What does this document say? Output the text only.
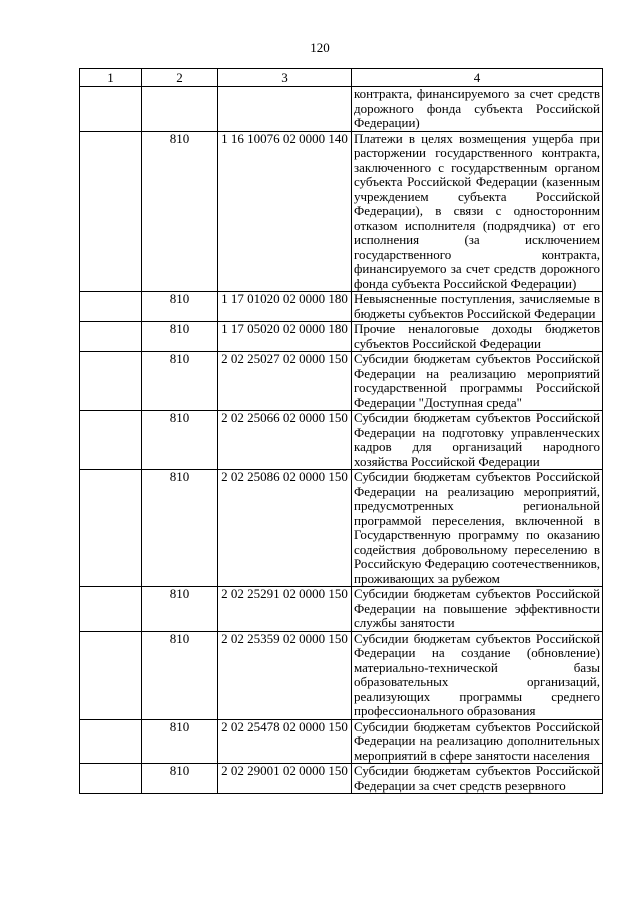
120
1	2	3	4
			контракта, финансируемого за счет средств дорожного фонда субъекта Российской Федерации)
	810	1 16 10076 02 0000 140	Платежи в целях возмещения ущерба при расторжении государственного контракта, заключенного с государственным органом субъекта Российской Федерации (казенным учреждением субъекта Российской Федерации), в связи с односторонним отказом исполнителя (подрядчика) от его исполнения (за исключением государственного контракта, финансируемого за счет средств дорожного фонда субъекта Российской Федерации)
	810	1 17 01020 02 0000 180	Невыясненные поступления, зачисляемые в бюджеты субъектов Российской Федерации
	810	1 17 05020 02 0000 180	Прочие неналоговые доходы бюджетов субъектов Российской Федерации
	810	2 02 25027 02 0000 150	Субсидии бюджетам субъектов Российской Федерации на реализацию мероприятий государственной программы Российской Федерации "Доступная среда"
	810	2 02 25066 02 0000 150	Субсидии бюджетам субъектов Российской Федерации на подготовку управленческих кадров для организаций народного хозяйства Российской Федерации
	810	2 02 25086 02 0000 150	Субсидии бюджетам субъектов Российской Федерации на реализацию мероприятий, предусмотренных региональной программой переселения, включенной в Государственную программу по оказанию содействия добровольному переселению в Российскую Федерацию соотечественников, проживающих за рубежом
	810	2 02 25291 02 0000 150	Субсидии бюджетам субъектов Российской Федерации на повышение эффективности службы занятости
	810	2 02 25359 02 0000 150	Субсидии бюджетам субъектов Российской Федерации на создание (обновление) материально-технической базы образовательных организаций, реализующих программы среднего профессионального образования
	810	2 02 25478 02 0000 150	Субсидии бюджетам субъектов Российской Федерации на реализацию дополнительных мероприятий в сфере занятости населения
	810	2 02 29001 02 0000 150	Субсидии бюджетам субъектов Российской Федерации за счет средств резервного
